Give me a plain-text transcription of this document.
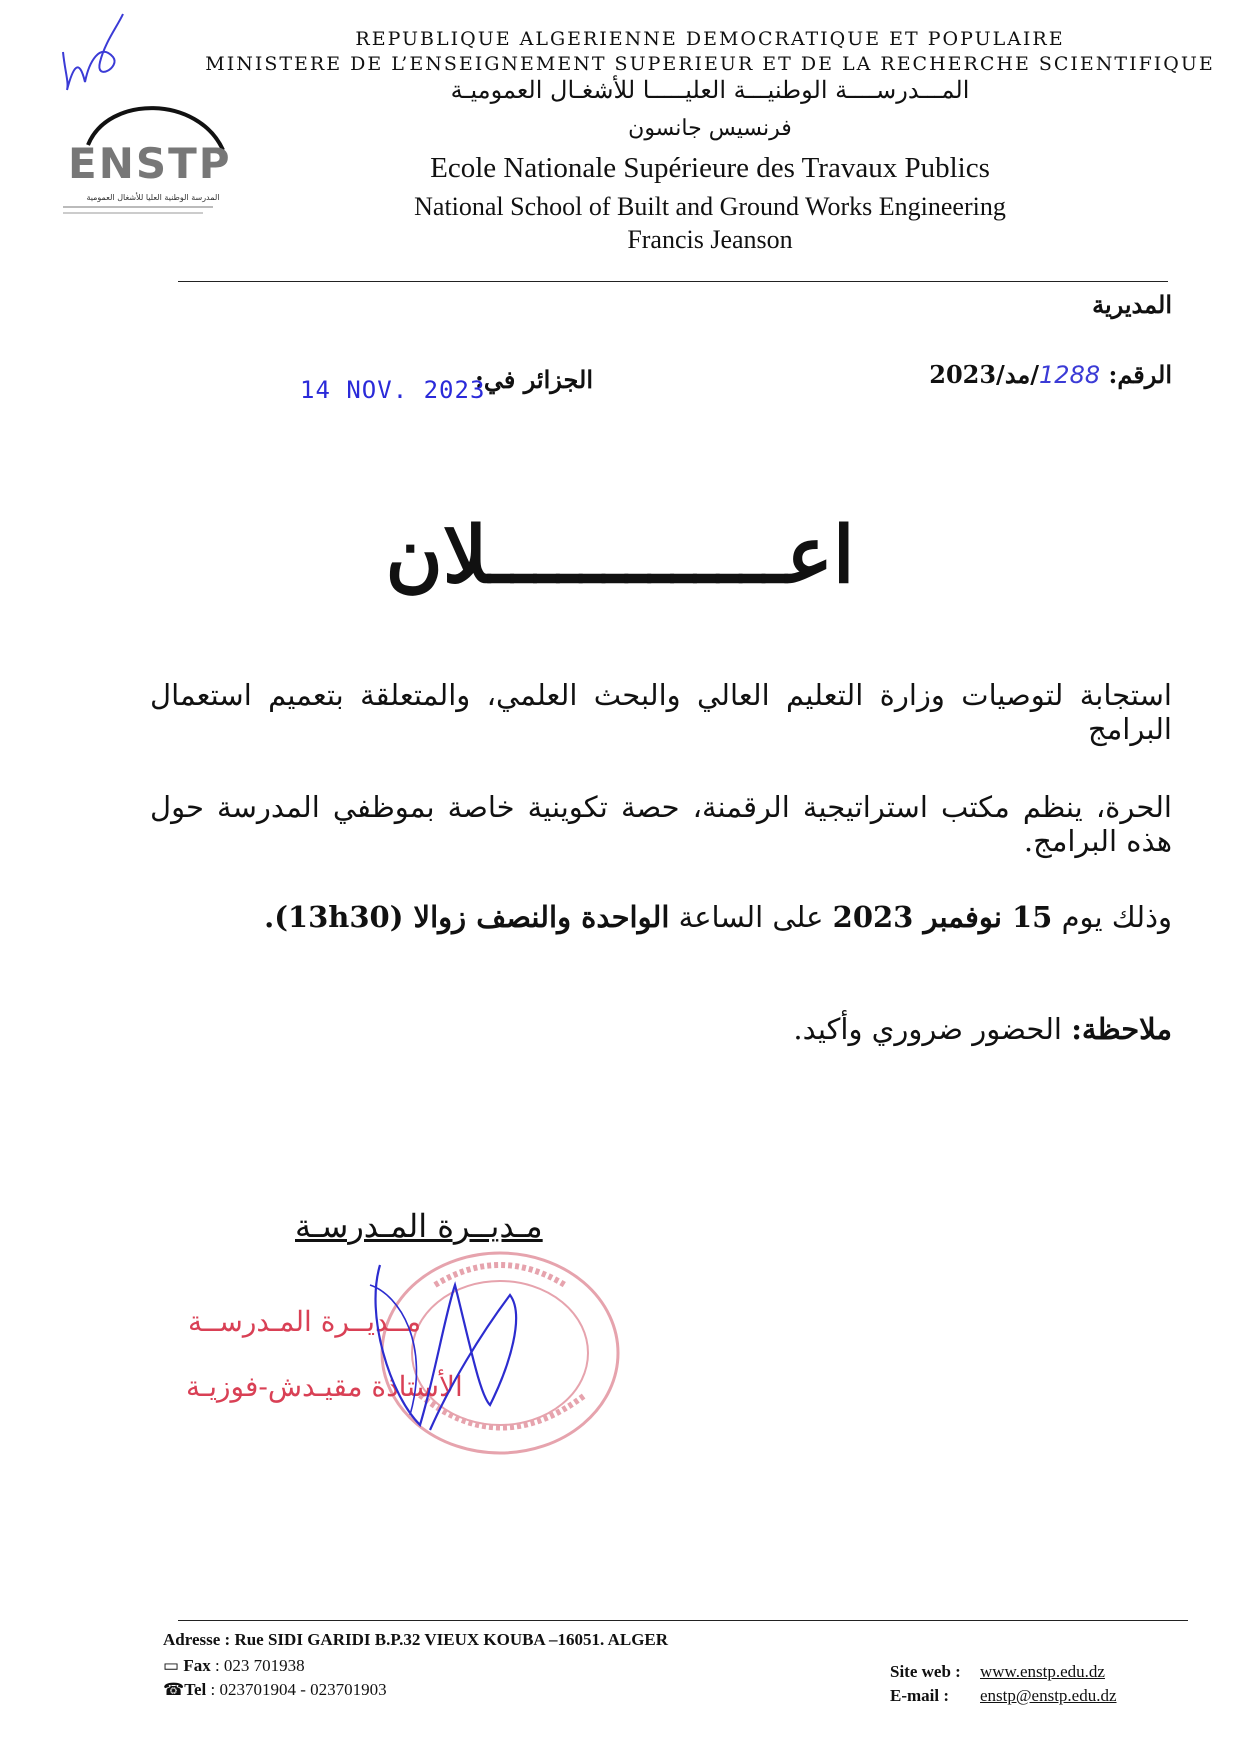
ENSTP
المدرسة الوطنية العليا للأشغال العمومية
REPUBLIQUE ALGERIENNE DEMOCRATIQUE ET POPULAIRE
MINISTERE DE L’ENSEIGNEMENT SUPERIEUR ET DE LA RECHERCHE SCIENTIFIQUE
المـــدرســــة الوطنيـــة العليـــــا للأشغـال العموميـة
فرنسيس جانسون
Ecole Nationale Supérieure des Travaux Publics
National School of Built and Ground Works Engineering
Francis Jeanson
المديرية
الرقم: 1288/مد/2023
الجزائر في:
14 NOV. 2023
اعـــــــــــــلان
استجابة لتوصيات وزارة التعليم العالي والبحث العلمي، والمتعلقة بتعميم استعمال البرامج
الحرة، ينظم مكتب استراتيجية الرقمنة، حصة تكوينية خاصة بموظفي المدرسة حول هذه البرامج.
وذلك يوم 15 نوفمبر 2023 على الساعة الواحدة والنصف زوالا (13h30).
ملاحظة: الحضور ضروري وأكيد.
مـديــرة المـدرسـة
مــديــرة المـدرســة
الأستاذة مقيـدش-فوزيـة
Adresse : Rue SIDI GARIDI B.P.32 VIEUX KOUBA –16051. ALGER
▭ Fax : 023 701938
☎Tel : 023701904 - 023701903
Site web : www.enstp.edu.dz
E-mail : enstp@enstp.edu.dz
